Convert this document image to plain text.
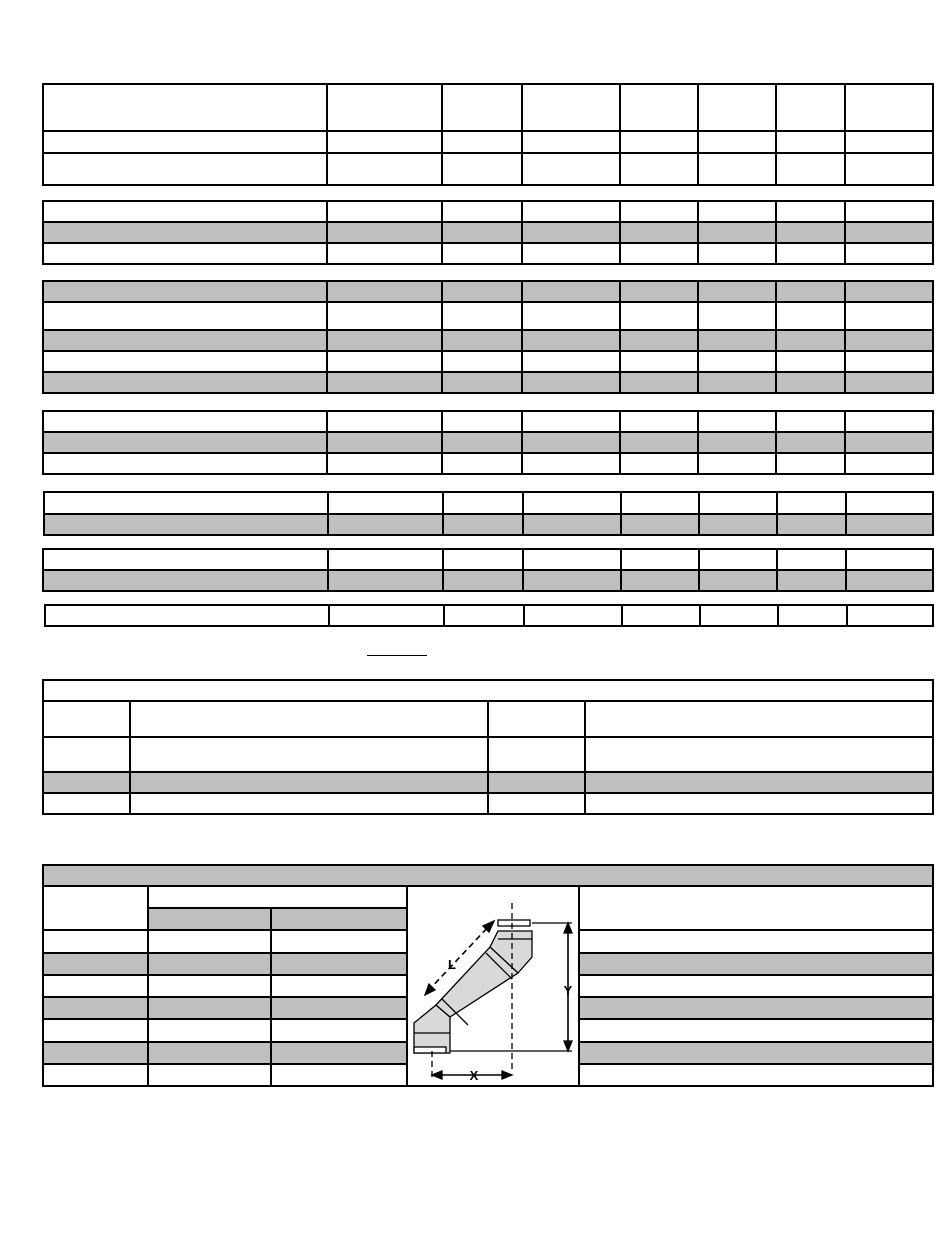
L
Y
X	
